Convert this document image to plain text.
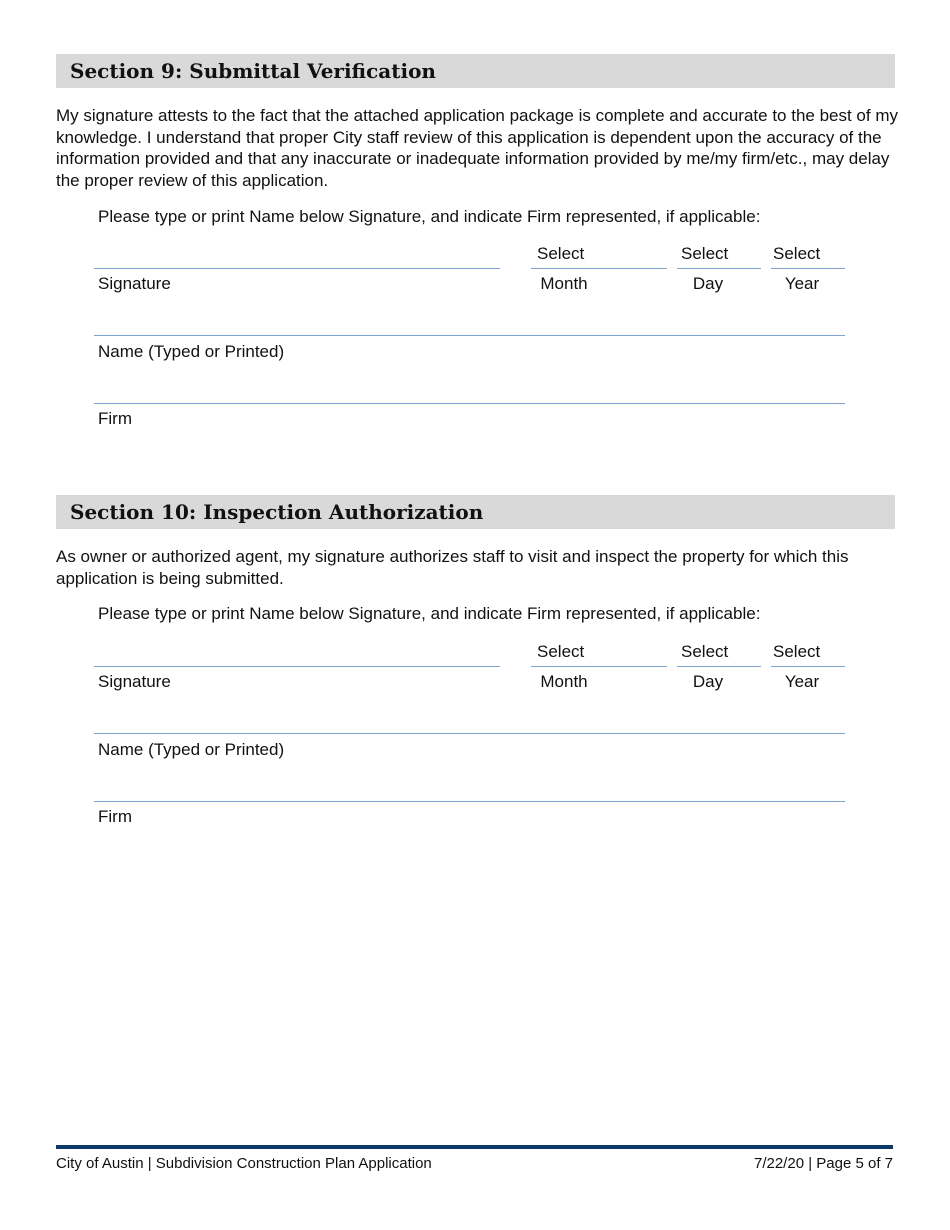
Section 9: Submittal Verification

My signature attests to the fact that the attached application package is complete and accurate to the best of my knowledge. I understand that proper City staff review of this application is dependent upon the accuracy of the information provided and that any inaccurate or inadequate information provided by me/my firm/etc., may delay the proper review of this application.

Please type or print Name below Signature, and indicate Firm represented, if applicable:
Select	Select	Select
Signature	Month	Day	Year
Name (Typed or Printed)
Firm
Section 10: Inspection Authorization

As owner or authorized agent, my signature authorizes staff to visit and inspect the property for which this application is being submitted.

Please type or print Name below Signature, and indicate Firm represented, if applicable:
Select	Select	Select
Signature	Month	Day	Year
Name (Typed or Printed)
Firm
City of Austin | Subdivision Construction Plan Application	7/22/20 | Page 5 of 7
